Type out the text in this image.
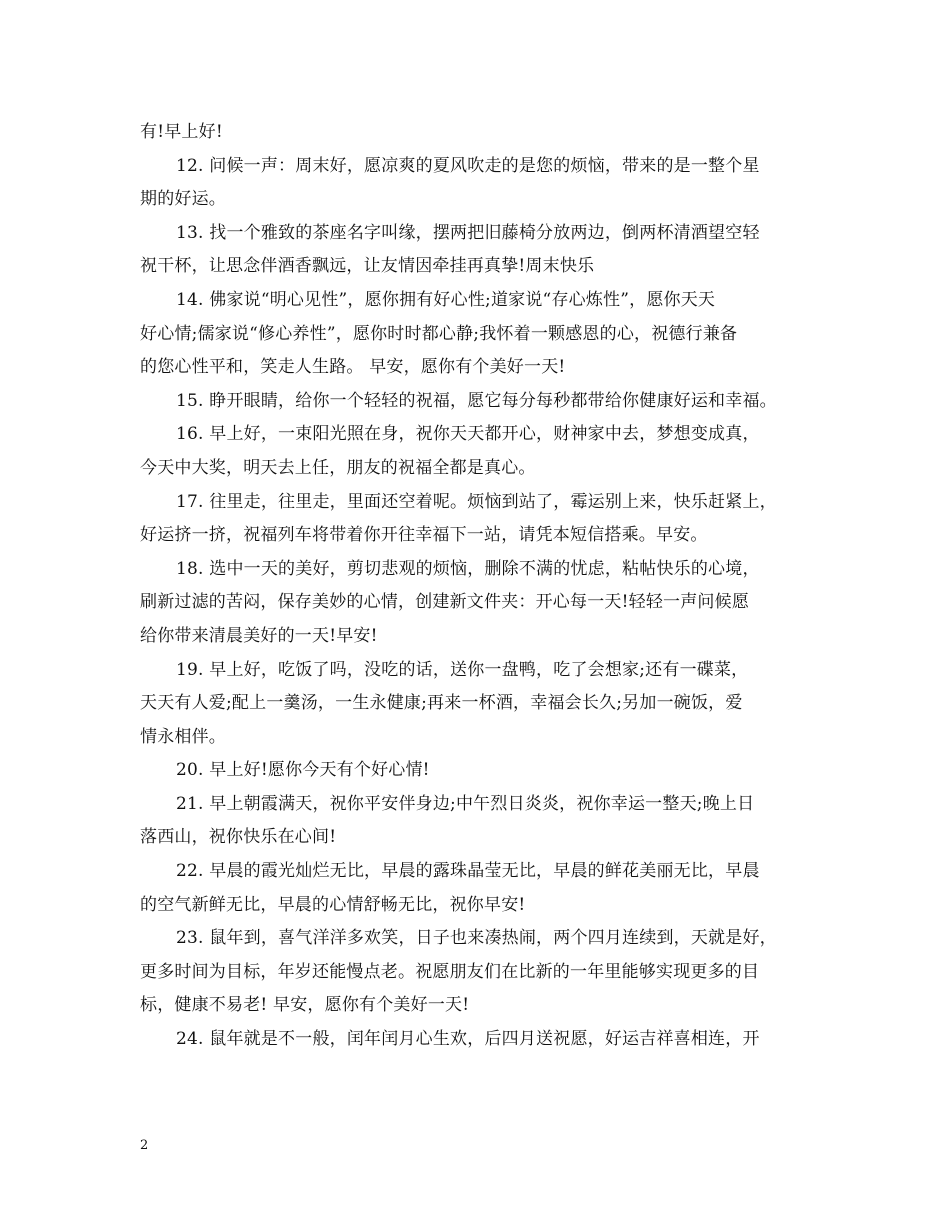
有!早上好!
12. 问候一声：周末好，愿凉爽的夏风吹走的是您的烦恼，带来的是一整个星
期的好运。
13. 找一个雅致的茶座名字叫缘，摆两把旧藤椅分放两边，倒两杯清酒望空轻
祝干杯，让思念伴酒香飘远，让友情因牵挂再真挚!周末快乐
14. 佛家说“明心见性”，愿你拥有好心性;道家说“存心炼性”，愿你天天
好心情;儒家说“修心养性”，愿你时时都心静;我怀着一颗感恩的心，祝德行兼备
的您心性平和，笑走人生路。 早安，愿你有个美好一天!
15. 睁开眼睛，给你一个轻轻的祝福，愿它每分每秒都带给你健康好运和幸福。
16. 早上好，一束阳光照在身，祝你天天都开心，财神家中去，梦想变成真，
今天中大奖，明天去上任，朋友的祝福全都是真心。
17. 往里走，往里走，里面还空着呢。烦恼到站了，霉运别上来，快乐赶紧上，
好运挤一挤，祝福列车将带着你开往幸福下一站，请凭本短信搭乘。早安。
18. 选中一天的美好，剪切悲观的烦恼，删除不满的忧虑，粘帖快乐的心境，
刷新过滤的苦闷，保存美妙的心情，创建新文件夹：开心每一天!轻轻一声问候愿
给你带来清晨美好的一天!早安!
19. 早上好，吃饭了吗，没吃的话，送你一盘鸭，吃了会想家;还有一碟菜，
天天有人爱;配上一羹汤，一生永健康;再来一杯酒，幸福会长久;另加一碗饭，爱
情永相伴。
20. 早上好!愿你今天有个好心情!
21. 早上朝霞满天，祝你平安伴身边;中午烈日炎炎，祝你幸运一整天;晚上日
落西山，祝你快乐在心间!
22. 早晨的霞光灿烂无比，早晨的露珠晶莹无比，早晨的鲜花美丽无比，早晨
的空气新鲜无比，早晨的心情舒畅无比，祝你早安!
23. 鼠年到，喜气洋洋多欢笑，日子也来凑热闹，两个四月连续到，天就是好，
更多时间为目标，年岁还能慢点老。祝愿朋友们在比新的一年里能够实现更多的目
标，健康不易老! 早安，愿你有个美好一天!
24. 鼠年就是不一般，闰年闰月心生欢，后四月送祝愿，好运吉祥喜相连，开
2
